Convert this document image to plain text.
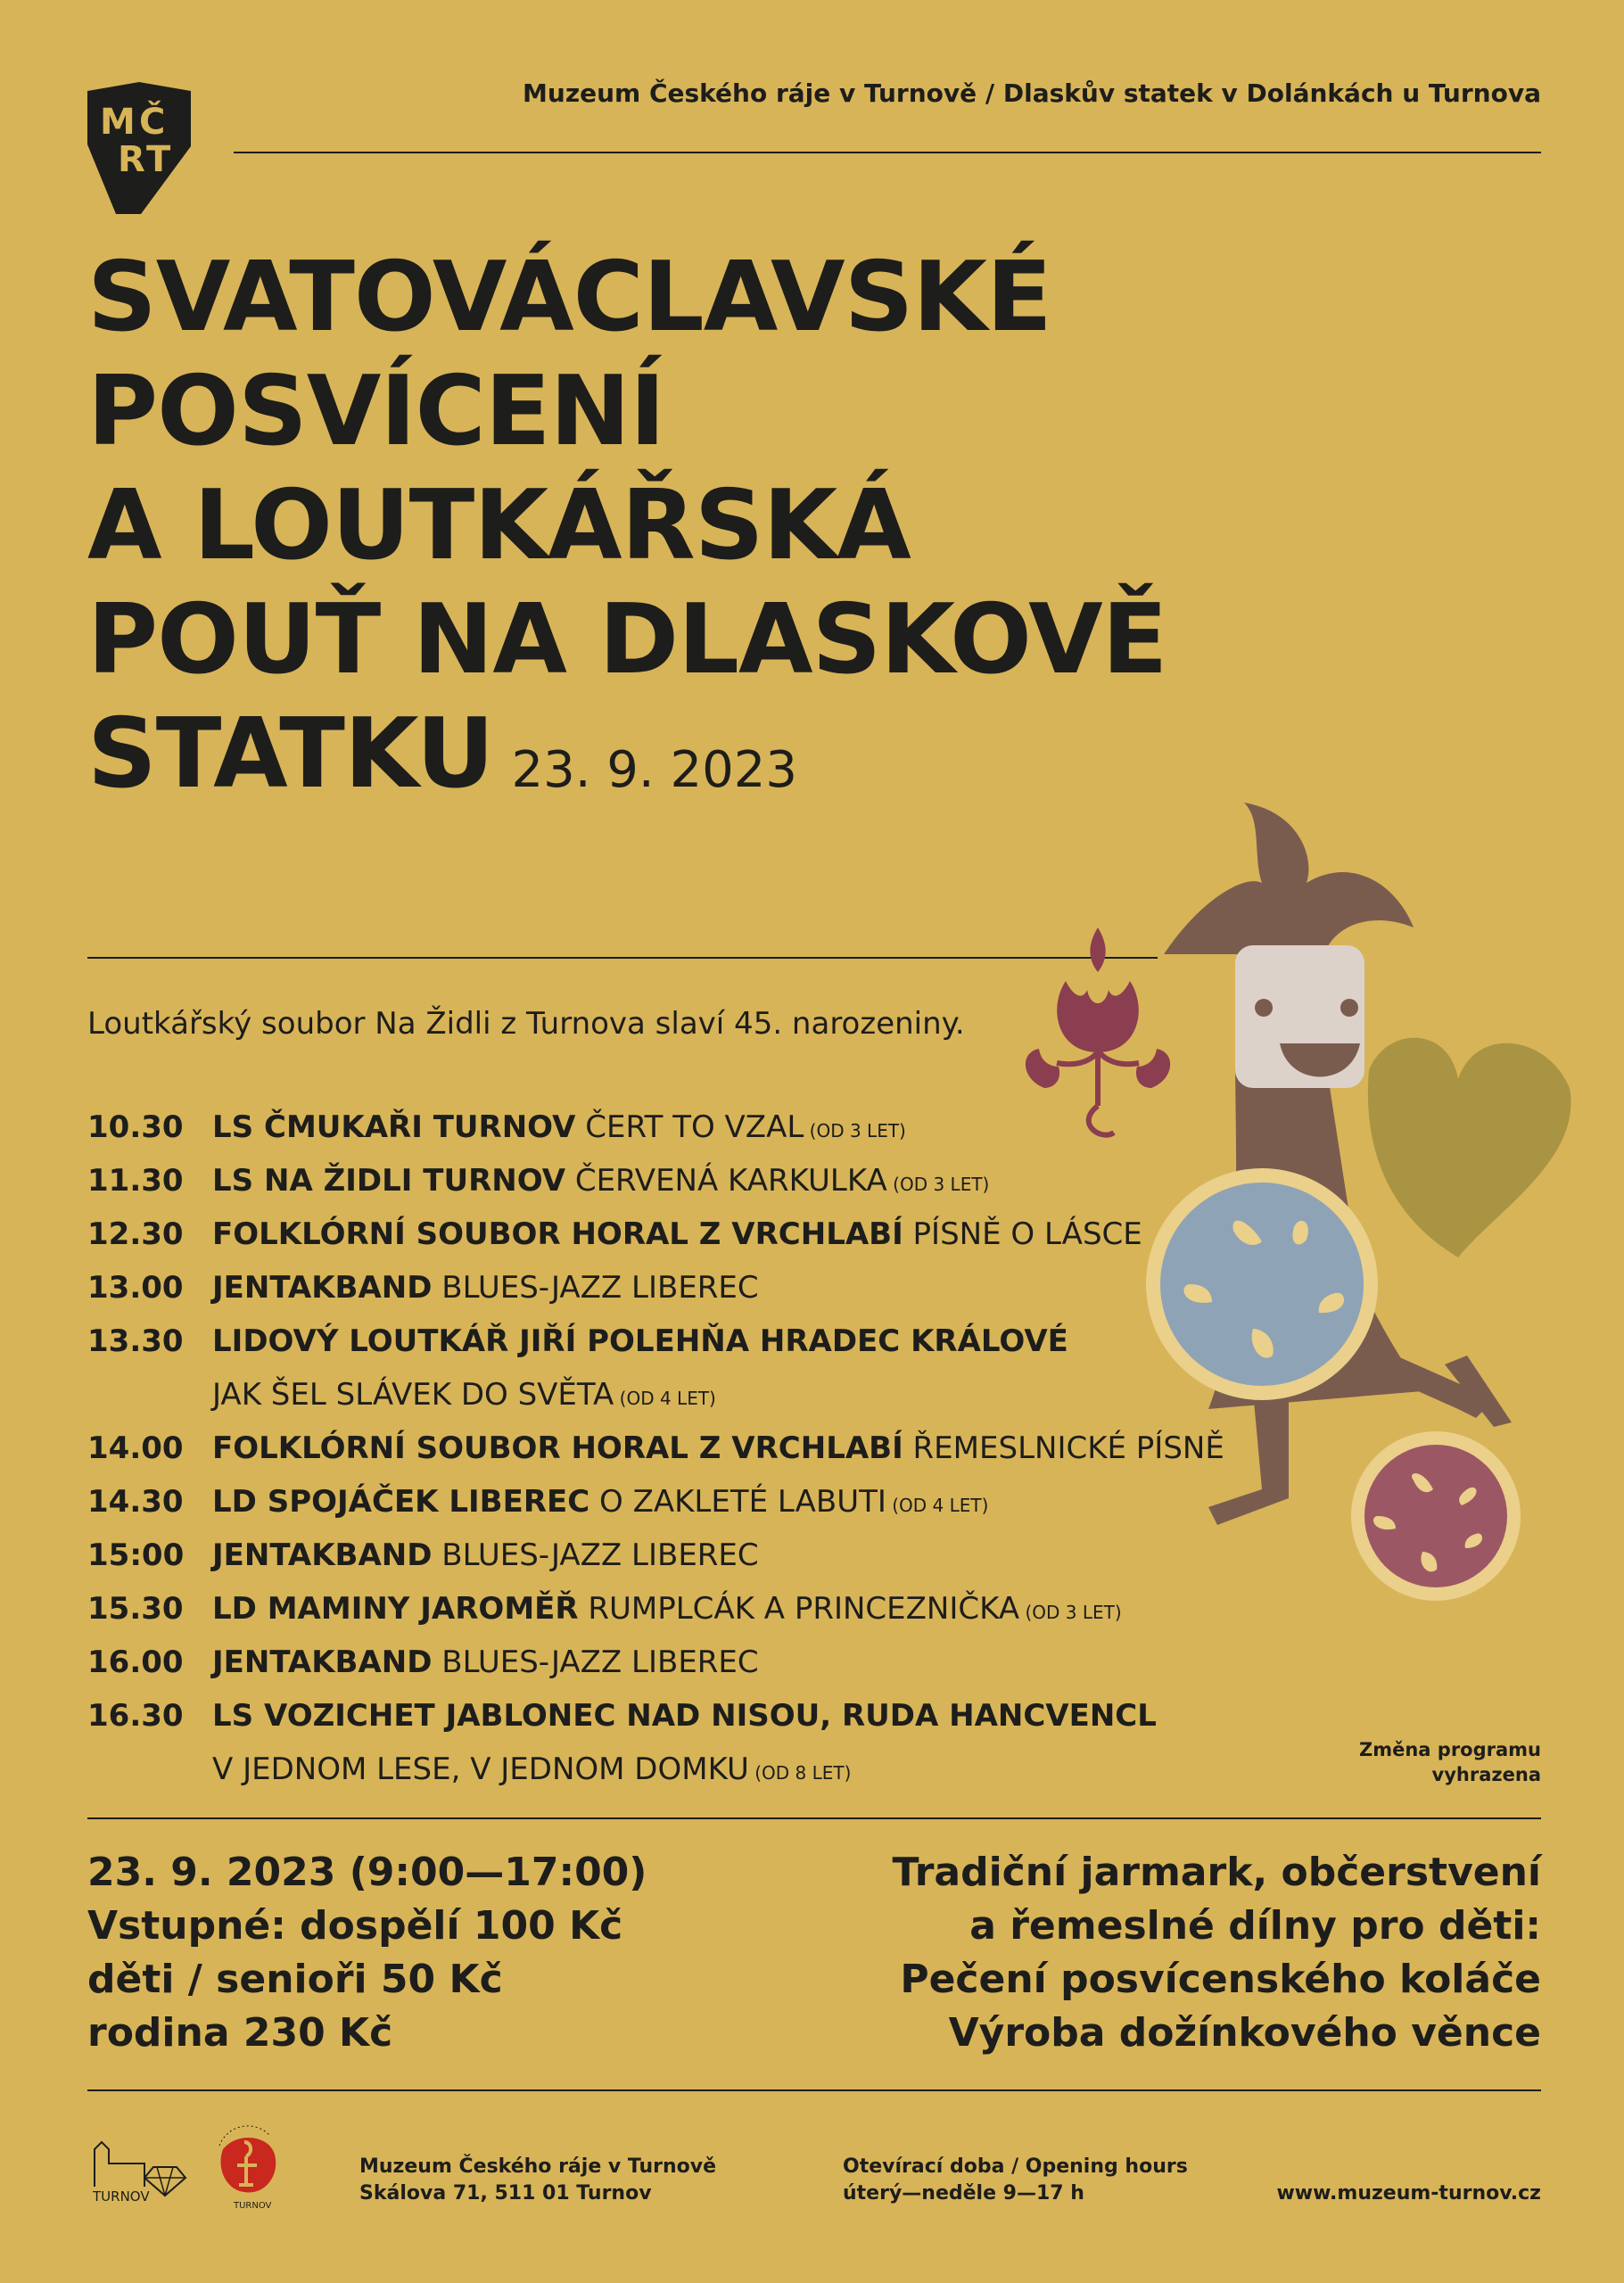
M Č
R T
Muzeum Českého ráje v Turnově / Dlaskův statek v Dolánkách u Turnova
SVATOVÁCLAVSKÉ
POSVÍCENÍ
A LOUTKÁŘSKÁ
POUŤ NA DLASKOVĚ
STATKU 23. 9. 2023
Loutkářský soubor Na Židli z Turnova slaví 45. narozeniny.
10.30 LS ČMUKAŘI TURNOV ČERT TO VZAL (OD 3 LET)
11.30 LS NA ŽIDLI TURNOV ČERVENÁ KARKULKA (OD 3 LET)
12.30 FOLKLÓRNÍ SOUBOR HORAL Z VRCHLABÍ PÍSNĚ O LÁSCE
13.00 JENTAKBAND BLUES-JAZZ LIBEREC
13.30 LIDOVÝ LOUTKÁŘ JIŘÍ POLEHŇA HRADEC KRÁLOVÉ
JAK ŠEL SLÁVEK DO SVĚTA (OD 4 LET)
14.00 FOLKLÓRNÍ SOUBOR HORAL Z VRCHLABÍ ŘEMESLNICKÉ PÍSNĚ
14.30 LD SPOJÁČEK LIBEREC O ZAKLETÉ LABUTI (OD 4 LET)
15:00 JENTAKBAND BLUES-JAZZ LIBEREC
15.30 LD MAMINY JAROMĚŘ RUMPLCÁK A PRINCEZNIČKA (OD 3 LET)
16.00 JENTAKBAND BLUES-JAZZ LIBEREC
16.30 LS VOZICHET JABLONEC NAD NISOU, RUDA HANCVENCL
V JEDNOM LESE, V JEDNOM DOMKU (OD 8 LET)
Změna programu
vyhrazena
23. 9. 2023 (9:00—17:00)
Vstupné: dospělí 100 Kč
děti / senioři 50 Kč
rodina 230 Kč
Tradiční jarmark, občerstvení
a řemeslné dílny pro děti:
Pečení posvícenského koláče
Výroba dožínkového věnce
TURNOV
TURNOV
Muzeum Českého ráje v Turnově
Skálova 71, 511 01 Turnov
Otevírací doba / Opening hours
úterý—neděle 9—17 h	www.muzeum-turnov.cz
